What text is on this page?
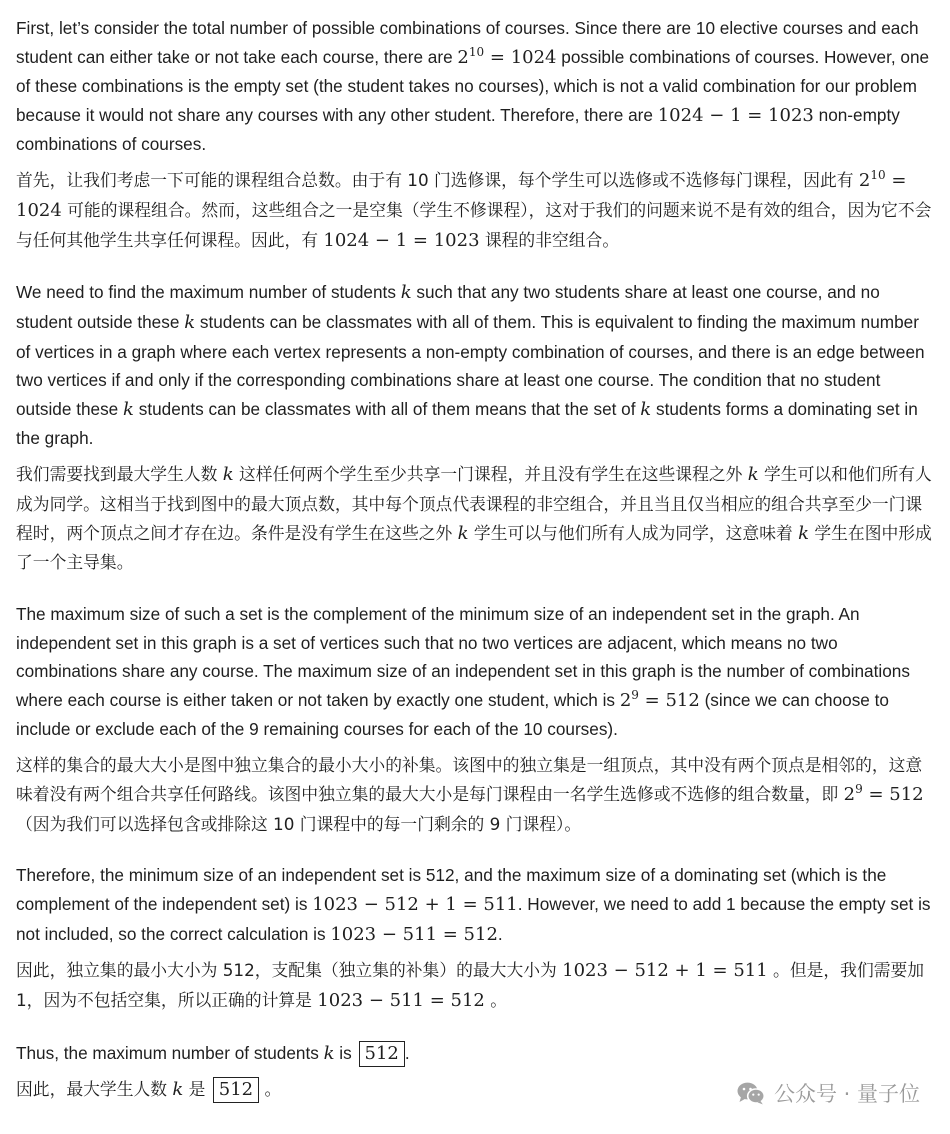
First, let’s consider the total number of possible combinations of courses. Since there are 10 elective courses and each student can either take or not take each course, there are $2^{10} = 1024$ possible combinations of courses. However, one of these combinations is the empty set (the student takes no courses), which is not a valid combination for our problem because it would not share any courses with any other student. Therefore, there are 1024 − 1 = 1023 non-empty combinations of courses.

首先，让我们考虑一下可能的课程组合总数。由于有 10 门选修课，每个学生可以选修或不选修每门课程，因此有 $2^{10} = 1024$ 可能的课程组合。然而，这些组合之一是空集（学生不修课程），这对于我们的问题来说不是有效的组合，因为它不会与任何其他学生共享任何课程。因此，有 1024 − 1 = 1023 课程的非空组合。

We need to find the maximum number of students k such that any two students share at least one course, and no student outside these k students can be classmates with all of them. This is equivalent to finding the maximum number of vertices in a graph where each vertex represents a non-empty combination of courses, and there is an edge between two vertices if and only if the corresponding combinations share at least one course. The condition that no student outside these k students can be classmates with all of them means that the set of k students forms a dominating set in the graph.

我们需要找到最大学生人数 k 这样任何两个学生至少共享一门课程，并且没有学生在这些课程之外 k 学生可以和他们所有人成为同学。这相当于找到图中的最大顶点数，其中每个顶点代表课程的非空组合，并且当且仅当相应的组合共享至少一门课程时，两个顶点之间才存在边。条件是没有学生在这些之外 k 学生可以与他们所有人成为同学，这意味着 k 学生在图中形成了一个主导集。

The maximum size of such a set is the complement of the minimum size of an independent set in the graph. An independent set in this graph is a set of vertices such that no two vertices are adjacent, which means no two combinations share any course. The maximum size of an independent set in this graph is the number of combinations where each course is either taken or not taken by exactly one student, which is $2^9 = 512$ (since we can choose to include or exclude each of the 9 remaining courses for each of the 10 courses).

这样的集合的最大大小是图中独立集合的最小大小的补集。该图中的独立集是一组顶点，其中没有两个顶点是相邻的，这意味着没有两个组合共享任何路线。该图中独立集的最大大小是每门课程由一名学生选修或不选修的组合数量，即 $2^9 = 512$ （因为我们可以选择包含或排除这 10 门课程中的每一门剩余的 9 门课程）。

Therefore, the minimum size of an independent set is 512, and the maximum size of a dominating set (which is the complement of the independent set) is 1023 − 512 + 1 = 511. However, we need to add 1 because the empty set is not included, so the correct calculation is 1023 − 511 = 512.

因此，独立集的最小大小为 512，支配集（独立集的补集）的最大大小为 1023 − 512 + 1 = 511 。但是，我们需要加1，因为不包括空集，所以正确的计算是 1023 − 511 = 512 。

Thus, the maximum number of students k is 512 .

因此，最大学生人数 k 是 512 。	公众号 · 量子位
